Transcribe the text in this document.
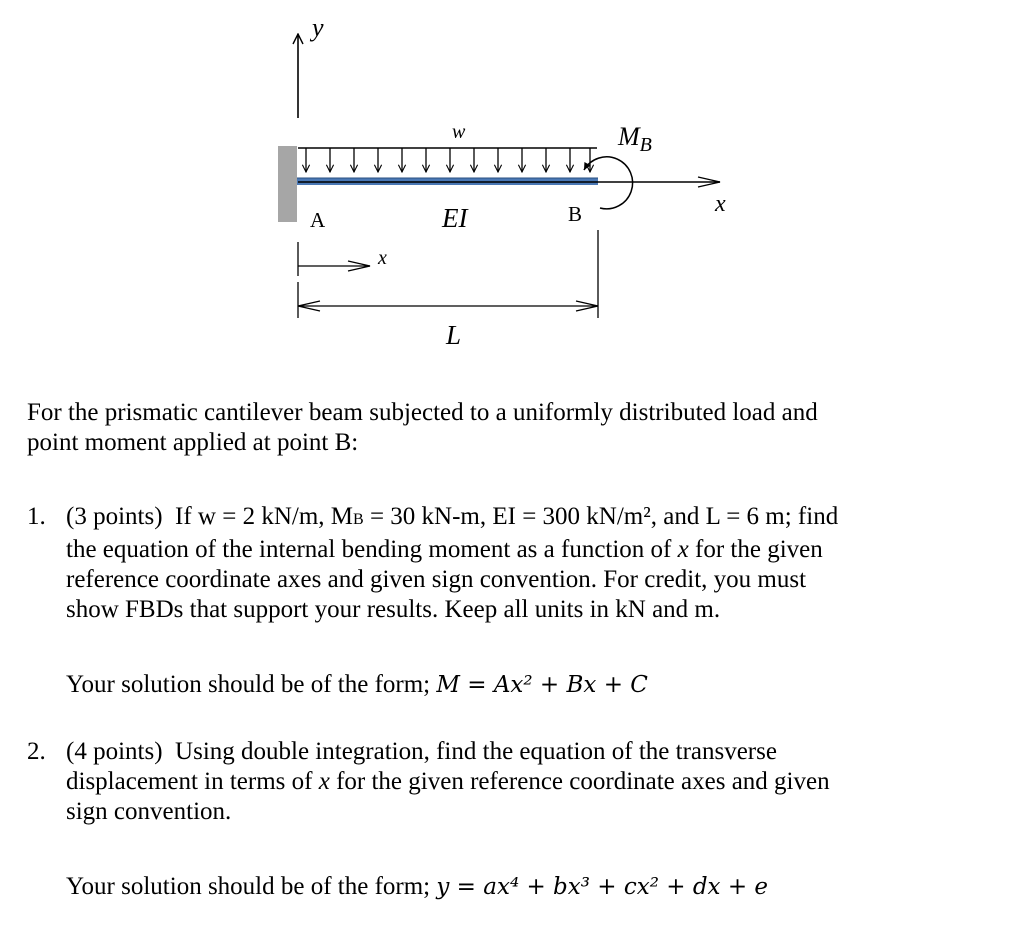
y
w
x
$M_B$
A	B
EI
x
L
For the prismatic cantilever beam subjected to a uniformly distributed load and
point moment applied at point B:
1. (3 points) If w = 2 kN/m, MB = 30 kN-m, EI = 300 kN/m², and L = 6 m; find
the equation of the internal bending moment as a function of x for the given
reference coordinate axes and given sign convention. For credit, you must
show FBDs that support your results. Keep all units in kN and m.
Your solution should be of the form; M = Ax² + Bx + C
2. (4 points) Using double integration, find the equation of the transverse
displacement in terms of x for the given reference coordinate axes and given
sign convention.
Your solution should be of the form; y = ax⁴ + bx³ + cx² + dx + e
